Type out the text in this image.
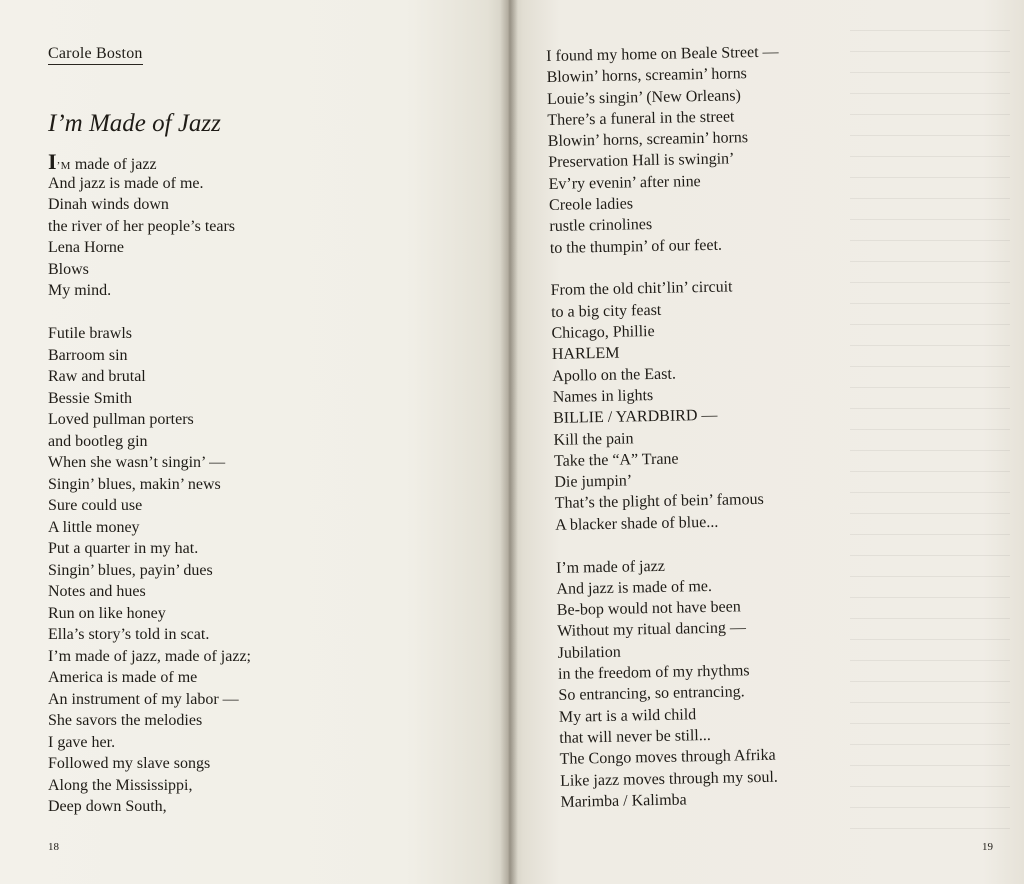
Carole Boston
I’m Made of Jazz
I’M made of jazz
And jazz is made of me.
Dinah winds down
the river of her people’s tears
Lena Horne
Blows
My mind.
Futile brawls
Barroom sin
Raw and brutal
Bessie Smith
Loved pullman porters
and bootleg gin
When she wasn’t singin’ —
Singin’ blues, makin’ news
Sure could use
A little money
Put a quarter in my hat.
Singin’ blues, payin’ dues
Notes and hues
Run on like honey
Ella’s story’s told in scat.
I’m made of jazz, made of jazz;
America is made of me
An instrument of my labor —
She savors the melodies
I gave her.
Followed my slave songs
Along the Mississippi,
Deep down South,
18
I found my home on Beale Street —
Blowin’ horns, screamin’ horns
Louie’s singin’ (New Orleans)
There’s a funeral in the street
Blowin’ horns, screamin’ horns
Preservation Hall is swingin’
Ev’ry evenin’ after nine
Creole ladies
rustle crinolines
to the thumpin’ of our feet.
From the old chit’lin’ circuit
to a big city feast
Chicago, Phillie
HARLEM
Apollo on the East.
Names in lights
BILLIE / YARDBIRD —
Kill the pain
Take the “A” Trane
Die jumpin’
That’s the plight of bein’ famous
A blacker shade of blue...
I’m made of jazz
And jazz is made of me.
Be-bop would not have been
Without my ritual dancing —
Jubilation
in the freedom of my rhythms
So entrancing, so entrancing.
My art is a wild child
that will never be still...
The Congo moves through Afrika
Like jazz moves through my soul.
Marimba / Kalimba
19
